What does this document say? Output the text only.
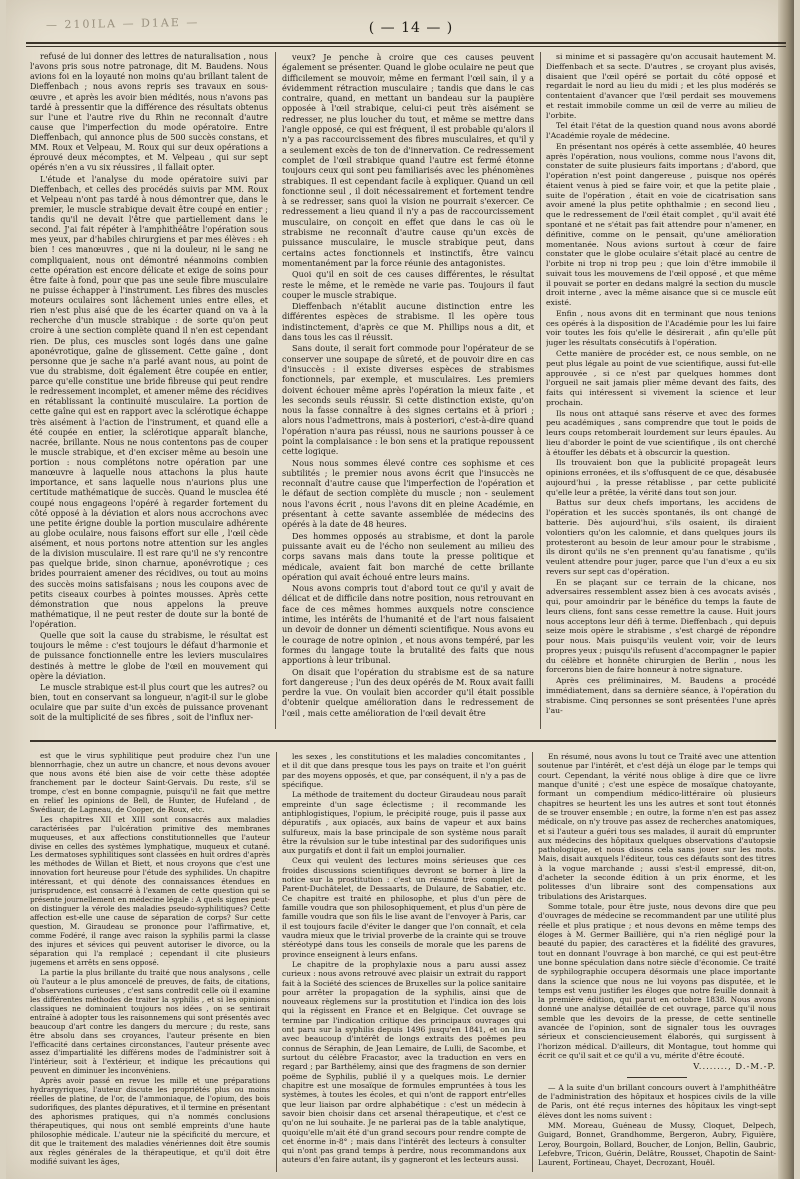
— 210ILA — D1AE —	( — 14 — )

refusé de lui donner des lettres de naturalisation , nous l'avons pris sous notre patronage, dit M. Baudens. Nous avions foi en la loyauté non moins qu'au brillant talent de Dieffenbach ; nous avons repris ses travaux en sous-œuvre , et après les avoir bien médités, nous n'avons pas tardé à pressentir que la différence des résultats obtenus sur l'une et l'autre rive du Rhin ne reconnaît d'autre cause que l'imperfection du mode opératoire. Entre Dieffenbach, qui annonce plus de 500 succès constans, et MM. Roux et Velpeau, M. Roux qui sur deux opérations a éprouvé deux mécomptes, et M. Velpeau , qui sur sept opérés n'en a vu six réussires , il fallait opter.

L'étude et l'analyse du mode opératoire suivi par Dieffenbach, et celles des procédés suivis par MM. Roux et Velpeau n'ont pas tardé à nous démontrer que, dans le premier, le muscle strabique devait être coupé en entier ; tandis qu'il ne devait l'être que partiellement dans le second. J'ai fait répéter à l'amphithéâtre l'opération sous mes yeux, par d'habiles chirurgiens et par mes élèves : eh bien ! ces manœuvres , que ni la douleur, ni le sang ne compliquaient, nous ont démontré néanmoins combien cette opération est encore délicate et exige de soins pour être faite à fond, pour que pas une seule fibre musculaire ne puisse échapper à l'instrument. Les fibres des muscles moteurs oculaires sont lâchement unies entre elles, et rien n'est plus aisé que de les écarter quand on va à la recherche d'un muscle strabique : de sorte qu'on peut croire à une section complète quand il n'en est cependant rien. De plus, ces muscles sont logés dans une gaîne aponévrotique, gaîne de glissement. Cette gaîne , dont personne que je sache n'a parlé avant nous, au point de vue du strabisme, doit également être coupée en entier, parce qu'elle constitue une bride fibreuse qui peut rendre le redressement incomplet, et amener même des récidives en rétablissant la continuité musculaire. La portion de cette gaîne qui est en rapport avec la sclérotique échappe très aisément à l'action de l'instrument, et quand elle a été coupée en entier, la sclérotique apparaît blanche, nacrée, brillante. Nous ne nous contentons pas de couper le muscle strabique, et d'en exciser même au besoin une portion : nous complétons notre opération par une manœuvre à laquelle nous attachons la plus haute importance, et sans laquelle nous n'aurions plus une certitude mathématique de succès. Quand le muscleа été coupé nous engageons l'opéré à regarder fortement du côté opposé à la déviation et alors nous accrochons avec une petite érigne double la portion musculaire adhérente au globe oculaire, nous faisons effort sur elle , l'œil cède aisément, et nous portons notre attention sur les angles de la division musculaire. Il est rare qu'il ne s'y rencontre pas quelque bride, sinon charnue, aponévrotique ; ces brides pourraient amener des récidives, ou tout au moins des succès moins satisfaisans ; nous les coupons avec de petits ciseaux courbes à pointes mousses. Après cette démonstration que nous appelons la preuve mathématique, il ne peut rester de doute sur la bonté de l'opération.

Quelle que soit la cause du strabisme, le résultat est toujours le même : c'est toujours le défaut d'harmonie et de puissance fonctionnelle entre les leviers musculaires destinés à mettre le globe de l'œil en mouvement qui opère la déviation.

Le muscle strabique est-il plus court que les autres? ou bien, tout en conservant sa longueur, n'agit-il sur le globe oculaire que par suite d'un excès de puissance provenant soit de la multiplicité de ses fibres , soit de l'influx ner-

veux? Je penche à croire que ces causes peuvent également se présenter. Quand le globe oculaire ne peut que difficilement se mouvoir, même en fermant l'œil sain, il y a évidemment rétraction musculaire ; tandis que dans le cas contraire, quand, en mettant un bandeau sur la paupière opposée à l'œil strabique, celui-ci peut très aisément se redresser, ne plus loucher du tout, et même se mettre dans l'angle opposé, ce qui est fréquent, il est probable qu'alors il n'y a pas raccourcissement des fibres musculaires, et qu'il y a seulement excès de ton de d'innervation. Ce redressement complet de l'œil strabique quand l'autre est fermé étonne toujours ceux qui sont peu familiarisés avec les phénomènes strabiques. Il est cependant facile à expliquer. Quand un œil fonctionne seul , il doit nécessairement et fortement tendre à se redresser, sans quoi la vision ne pourrait s'exercer. Ce redressement a lieu quand il n'y a pas de raccourcissement musculaire, on conçoit en effet que dans le cas où le strabisme ne reconnaît d'autre cause qu'un excès de puissance musculaire, le muscle strabique peut, dans certains actes fonctionnels et instinctifs, être vaincu momentanément par la force réunie des antagonistes.

Quoi qu'il en soit de ces causes différentes, le résultat reste le même, et le remède ne varie pas. Toujours il faut couper le muscle strabique.

Dieffenbach n'établit aucune distinction entre les différentes espèces de strabisme. Il les opère tous indistinctement, d'après ce que M. Phillips nous a dit, et dans tous les cas il réussit.

Sans doute, il serait fort commode pour l'opérateur de se conserver une soupape de sûreté, et de pouvoir dire en cas d'insuccès : il existe diverses espèces de strabismes fonctionnels, par exemple, et musculaires. Les premiers doivent échouer même après l'opération la mieux faite , et les seconds seuls réussir. Si cette distinction existe, qu'on nous la fasse connaître à des signes certains et à priori ; alors nous l'admettrons, mais à posteriori, c'est-à-dire quand l'opération n'aura pas réussi, nous ne saurions pousser à ce point la complaisance : le bon sens et la pratique repoussent cette logique.

Nous nous sommes élevé contre ces sophisme et ces subtilités ; le premier nous avons écrit que l'insuccès ne reconnaît d'autre cause que l'imperfection de l'opération et le défaut de section complète du muscle ; non - seulement nous l'avons écrit , nous l'avons dit en pleine Académie, en présentant à cette savante assemblée de médecins des opérés à la date de 48 heures.

Des hommes opposés au strabisme, et dont la parole puissante avait eu de l'écho non seulement au milieu des corps savans mais dans toute la presse politique et médicale, avaient fait bon marché de cette brillante opération qui avait échoué entre leurs mains.

Nous avons compris tout d'abord tout ce qu'il y avait de délicat et de difficile dans notre position, nous retrouvant en face de ces mêmes hommes auxquels notre conscience intime, les intérêts de l'humanité et de l'art nous faisaient un devoir de donner un démenti scientifique. Nous avons eu le courage de notre opinion , et nous avons tempéré, par les formes du langage toute la brutalité des faits que nous apportions à leur tribunal.

On disait que l'opération du strabisme est de sa nature fort dangereuse ; l'un des deux opérés de M. Roux avait failli perdre la vue. On voulait bien accorder qu'il était possible d'obtenir quelque amélioration dans le redressement de l'œil , mais cette amélioration de l'œil devait être

si minime et si passagère qu'on accusait hautement M. Dieffenbach et sa secte. D'autres , se croyant plus avisés, disaient que l'œil opéré se portait du côté opposé et regardait le nord au lieu du midi ; et les plus modérés se contentaient d'avancer que l'œil perdait ses mouvemens et restait immobile comme un œil de verre au milieu de l'orbite.

Tel était l'état de la question quand nous avons abordé l'Académie royale de médecine.

En présentant nos opérés à cette assemblée, 40 heures après l'opération, nous voulions, comme nous l'avons dit, constater de suite plusieurs faits importans ; d'abord, que l'opération n'est point dangereuse , puisque nos opérés étaient venus à pied se faire voir, et que la petite plaie , suite de l'opération , était en voie de cicatrisation sans avoir amené la plus petite ophthalmie ; en second lieu , que le redressement de l'œil était complet , qu'il avait été spontané et ne s'était pas fait attendre pour n'amener, en définitive, comme on le pensait, qu'une amélioration momentanée. Nous avions surtout à cœur de faire constater que le globe oculaire s'était placé au centre de l'orbite ni trop ni trop peu ; que loin d'être immobile il suivait tous les mouvemens de l'œil opposé , et que même il pouvait se porter en dedans malgré la section du muscle droit interne , avec la même aisance que si ce muscle eût existé.

Enfin , nous avons dit en terminant que nous tenions ces opérés à la disposition de l'Académie pour les lui faire voir toutes les fois qu'elle le désirerait , afin qu'elle pût juger les résultats consécutifs à l'opération.

Cette manière de procéder est, ce nous semble, on ne peut plus légale au point de vue scientifique, aussi fut-elle approuvée , si ce n'est par quelques hommes dont l'orgueil ne sait jamais plier même devant des faits, des faits qui intéressent si vivement la science et leur prochain.

Ils nous ont attaqué sans réserve et avec des formes peu académiques , sans comprendre que tout le poids de leurs coups retomberait lourdement sur leurs épaules. Au lieu d'aborder le point de vue scientifique , ils ont cherché à étouffer les débats et à obscurcir la question.

Ils trouvaient bon que la publicité propageât leurs opinions erronées, et ils s'offusquent de ce que, désabusée aujourd'hui , la presse rétablisse , par cette publicité qu'elle leur a prêtée, la vérité dans tout son jour.

Battus sur deux chefs importans, les accidens de l'opération et les succès spontanés, ils ont changé de batterie. Dès aujourd'hui, s'ils osaient, ils diraient volontiers qu'on les calomnie, et dans quelques jours ils protesteront au besoin de leur amour pour le strabisme , ils diront qu'ils ne s'en prennent qu'au fanatisme , qu'ils veulent attendre pour juger, parce que l'un d'eux a eu six revers sur sept cas d'opération.

En se plaçant sur ce terrain de la chicane, nos adversaires ressemblent assez bien à ces avocats avisés , qui, pour amoindrir par le bénéfice du temps la faute de leurs cliens, font sans cesse remettre la cause. Huit jours nous acceptons leur défi à terme. Dieffenbach , qui depuis seize mois opère le strabisme , s'est chargé de répondre pour nous. Mais puisqu'ils veulent voir, voir de leurs propres yeux ; puisqu'ils refusent d'accompagner le papier du célèbre et honnête chirurgien de Berlin , nous les forcerons bien de faire honneur à notre signature.

Après ces préliminaires, M. Baudens a procédé immédiatement, dans sa dernière séance, à l'opération du strabisme. Cinq personnes se sont présentées l'une après l'au-

est que le virus syphilitique peut produire chez l'un une blennorrhagie, chez un autre un chancre, et nous devons avouer que nous avons été bien aise de voir cette thèse adoptée franchement par le docteur Saint-Gervais. Du reste, s'il se trompe, c'est en bonne compagnie, puisqu'il ne fait que mettre en relief les opinions de Bell, de Hunter, de Hufeland , de Swédiaur, de Lagneau, de Cooper, de Roux, etc.

Les chapitres XII et XIII sont consacrés aux maladies caractérisées par l'ulcération primitive des membranes muqueuses, et aux affections constitutionnelles que l'auteur divise en celles des systèmes lymphatique, muqueux et cutané. Les dermatoses syphilitiques sont classées en huit ordres d'après les méthodes de Willan et Biett, et nous croyons que c'est une innovation fort heureuse pour l'étude des syphilides. Un chapitre intéressant, et qui dénote des connaissances étendues en jurisprudence, est consacré à l'examen de cette question qui se présente journellement en médecine légale : A quels signes peut-on distinguer la vérole des maladies pseudo-syphilitiques? Cette affection est-elle une cause de séparation de corps? Sur cette question, M. Giraudeau se prononce pour l'affirmative, et, comme Fodéré, il range avec raison la syphilis parmi la classe des injures et sévices qui peuvent autoriser le divorce, ou la séparation qui l'a remplacé ; cependant il cite plusieurs jugemens et arrêts en sens opposé.

La partie la plus brillante du traité que nous analysons , celle où l'auteur a le plus amoncelé de preuves, de faits, de citations, d'observations curieuses , c'est sans contredit celle où il examine les différentes méthodes de traiter la syphilis , et si les opinions classiques ne dominaient toujours nos idées , on se sentirait entraîné à adopter tous les raisonnemens qui sont présentés avec beaucoup d'art contre les dangers du mercure ; du reste, sans être absolu dans ses croyances, l'auteur présente en bien l'efficacité dans certaines circonstances, l'auteur présente avec assez d'impartialité les différens modes de l'administrer soit à l'intérieur, soit à l'extérieur, et indique les précautions qui peuvent en diminuer les inconvéniens.

Après avoir passé en revue les mille et une préparations hydrargyriques, l'auteur discute les propriétés plus ou moins réelles de platine, de l'or, de l'ammoniaque, de l'opium, des bois sudorifiques, des plantes dépuratives, et il termine en présentant des aphorismes pratiques, qui n'a nommés conclusions thérapeutiques, qui nous ont semblé empreints d'une haute philosophie médicale. L'auteur nie la spécificité du mercure, et dit que le traitement des maladies vénériennes doit être soumis aux règles générales de la thérapeutique, et qu'il doit être modifié suivant les âges,

les sexes , les constitutions et les maladies concomitantes , et il dit que dans presque tous les pays on traite et l'on guérit par des moyens opposés, et que, par conséquent, il n'y a pas de spécifique.

La méthode de traitement du docteur Giraudeau nous paraît empreinte d'un sage éclectisme ; il recommande les antiphlogistiques, l'opium, le précipité rouge, puis il passe aux dépuratifs , aux opiacés, aux bains de vapeur et aux bains sulfureux, mais la base principale de son système nous paraît être la révulsion sur le tube intestinal par des sudorifiques unis aux purgatifs et dont il fait un emploi journalier.

Ceux qui veulent des lectures moins sérieuses que ces froides discussions scientifiques devront se borner à lire la notice sur la prostitution : c'est un résumé très complet de Parent-Duchâtelet, de Dessaarts, de Dulaure, de Sabatier, etc. Ce chapitre est traité en philosophe, et plus d'un père de famille voudra que son philosophiquement, et plus d'un père de famille voudra que son fils le lise avant de l'envoyer à Paris, car il est toujours facile d'éviter le danger que l'on connaît, et cela vaudra mieux que le trivial proverbe de la crainte qui se trouve stéréotypé dans tous les conseils de morale que les parens de province enseignent à leurs enfans.

Le chapitre de la prophylaxie nous a paru aussi assez curieux : nous avons retrouvé avec plaisir un extrait du rapport fait à la Société des sciences de Bruxelles sur la police sanitaire pour arrêter la propagation de la syphilis, ainsi que de nouveaux règlemens sur la prostitution et l'indica ion des lois qui la régissent en France et en Belgique. Cet ouvrage se termine par l'indication critique des principaux ouvrages qui ont paru sur la syphilis depuis 1496 jusqu'en 1841, et on lira avec beaucoup d'intérêt de longs extraits des poëmes peu connus de Séraphin, de Jean Lemaire, de Lulli, de Sacombe, et surtout du célèbre Fracastor, avec la traduction en vers en regard ; par Barthélemy, ainsi que des fragmens de son dernier poëme de Syphilis, publié il y a quelques mois. Le dernier chapitre est une mosaïque de formules empruntées à tous les systèmes, à toutes les écoles, et qui n'ont de rapport entr'elles que leur liaison par ordre alphabétique : c'est un médecin à savoir bien choisir dans cet arsenal thérapeutique, et c'est ce qu'on ne lui souhaite. Je ne parlerai pas de la table analytique, quoiqu'elle m'ait été d'un grand secours pour rendre compte de cet énorme in-8° ; mais dans l'intérêt des lecteurs à consulter qui n'ont pas grand temps à perdre, nous recommandons aux auteurs d'en faire autant, ils y gagneront et les lecteurs aussi.

En résumé, nous avons lu tout ce Traité avec une attention soutenue par l'intérêt, et c'est déjà un éloge par le temps qui court. Cependant, la vérité nous oblige à dire que ce livre manque d'unité ; c'est une espèce de mosaïque chatoyante, formant un compendium médico-littéraire où plusieurs chapitres se heurtent les uns les autres et sont tout étonnés de se trouver ensemble ; en outre, la forme n'en est pas assez médicale, on n'y trouve pas assez de recherches anatomiques, et si l'auteur a guéri tous ses malades, il aurait dû emprunter aux médecins des hôpitaux quelques observations d'autopsie pathologique, et nous disons cela sans jouer sur les mots. Mais, disait auxquels l'éditeur, tous ces défauts sont des titres à la vogue marchande ; aussi s'est-il empressé, dit-on, d'acheter la seconde édition à un prix énorme, et les politesses d'un libraire sont des compensations aux tribulations des Aristarques.

Somme totale, pour être juste, nous devons dire que peu d'ouvrages de médecine se recommandent par une utilité plus réelle et plus pratique ; et nous devons en même temps des éloges à M. Germer Baillière, qui n'a rien négligé pour la beauté du papier, des caractères et la fidélité des gravures, tout en donnant l'ouvrage à bon marché, ce qui est peut-être une bonne spéculation dans notre siècle d'économie. Ce traité de syphilographie occupera désormais une place importante dans la science que nous ne lui voyons pas disputée, et le temps est venu justifier les éloges que notre feuille donnait à la première édition, qui parut en octobre 1838. Nous avons donné une analyse détaillée de cet ouvrage, parce qu'il nous semble que les devoirs de la presse, de cette sentinelle avancée de l'opinion, sont de signaler tous les ouvrages sérieux et consciencieusement élaborés, qui surgissent à l'horizon médical. D'ailleurs, dit Montague, tout homme qui écrit ce qu'il sait et ce qu'il a vu, mérite d'être écouté.

V........, D.-M.-P.

— A la suite d'un brillant concours ouvert à l'amphithéâtre de l'administration des hôpitaux et hospices civils de la ville de Paris, ont été reçus internes des hôpitaux les vingt-sept élèves dont les noms suivent :

MM. Moreau, Guéneau de Mussy, Cloquet, Delpech, Guigard, Bonnet, Grandhomme, Bergeron, Aubry, Figuière, Leroy, Bourgoin, Bollard, Boucher, de Lonjon, Bellin, Gaubric, Lefebvre, Tricon, Guérin, Delâtre, Rousset, Chapotin de Saint-Laurent, Fortineau, Chayet, Decrozant, Houël.
